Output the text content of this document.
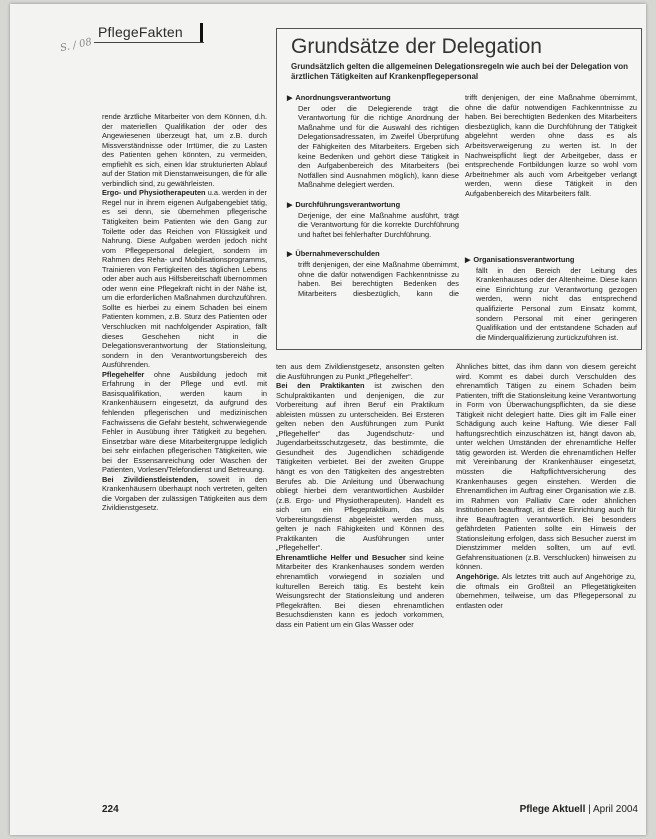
S. / 08
PflegeFakten
Grundsätze der Delegation
Grundsätzlich gelten die allgemeinen Delegationsregeln wie auch bei der Delegation von ärztlichen Tätigkeiten auf Krankenpflegepersonal

▶ Anordnungsverantwortung

Der oder die Delegierende trägt die Verantwortung für die richtige Anordnung der Maßnahme und für die Auswahl des richtigen Delegationsadressaten, im Zweifel Überprüfung der Fähigkeiten des Mitarbeiters. Ergeben sich keine Bedenken und gehört diese Tätigkeit in den Aufgabenbereich des Mitarbeiters (bei Notfällen sind Ausnahmen möglich), kann diese Maßnahme delegiert werden.

▶ Durchführungsverantwortung

Derjenige, der eine Maßnahme ausführt, trägt die Verantwortung für die korrekte Durchführung und haftet bei fehlerhafter Durchführung.

▶ Übernahmeverschulden

trifft denjenigen, der eine Maßnahme übernimmt, ohne die dafür notwendigen Fachkenntnisse zu haben. Bei berechtigten Bedenken des Mitarbeiters diesbezüglich, kann die

trifft denjenigen, der eine Maßnahme übernimmt, ohne die dafür notwendigen Fachkenntnisse zu haben. Bei berechtigten Bedenken des Mitarbeiters diesbezüglich, kann die Durchführung der Tätigkeit abgelehnt werden ohne dass es als Arbeitsverweigerung zu werten ist. In der Nachweispflicht liegt der Arbeitgeber, dass er entsprechende Fortbildungen kurze so wohl vom Arbeitnehmer als auch vom Arbeitgeber verlangt werden, wenn diese Tätigkeit in den Aufgabenbereich des Mitarbeiters fällt.

▶ Organisationsverantwortung

fällt in den Bereich der Leitung des Krankenhauses oder der Altenheime. Diese kann eine Einrichtung zur Verantwortung gezogen werden, wenn nicht das entsprechend qualifizierte Personal zum Einsatz kommt, sondern Personal mit einer geringeren Qualifikation und der entstandene Schaden auf die Minderqualifizierung zurückzuführen ist.

rende ärztliche Mitarbeiter von dem Können, d.h. der materiellen Qualifikation der oder des Angewiesenen überzeugt hat, um z.B. durch Missverständnisse oder Irrtümer, die zu Lasten des Patienten gehen könnten, zu vermeiden, empfiehlt es sich, einen klar strukturierten Ablauf auf der Station mit Dienstanweisungen, die für alle verbindlich sind, zu gewährleisten.

Ergo- und Physiotherapeuten u.a. werden in der Regel nur in ihrem eigenen Aufgabengebiet tätig, es sei denn, sie übernehmen pflegerische Tätigkeiten beim Patienten wie den Gang zur Toilette oder das Reichen von Flüssigkeit und Nahrung. Diese Aufgaben werden jedoch nicht vom Pflegepersonal delegiert, sondern im Rahmen des Reha- und Mobilisationsprogramms, Trainieren von Fertigkeiten des täglichen Lebens oder aber auch aus Hilfsbereitschaft übernommen oder wenn eine Pflegekraft nicht in der Nähe ist, um die erforderlichen Maßnahmen durchzuführen. Sollte es hierbei zu einem Schaden bei einem Patienten kommen, z.B. Sturz des Patienten oder Verschlucken mit nachfolgender Aspiration, fällt dieses Geschehen nicht in die Delegationsverantwortung der Stationsleitung, sondern in den Verantwortungsbereich des Ausführenden.

Pflegehelfer ohne Ausbildung jedoch mit Erfahrung in der Pflege und evtl. mit Basisqualifikation, werden kaum in Krankenhäusern eingesetzt, da aufgrund des fehlenden pflegerischen und medizinischen Fachwissens die Gefahr besteht, schwerwiegende Fehler in Ausübung ihrer Tätigkeit zu begehen. Einsetzbar wäre diese Mitarbeitergruppe lediglich bei sehr einfachen pflegerischen Tätigkeiten, wie bei der Essensanreichung oder Waschen der Patienten, Vorlesen/Telefondienst und Betreuung.

Bei Zivildienstleistenden, soweit in den Krankenhäusern überhaupt noch vertreten, gelten die Vorgaben der zulässigen Tätigkeiten aus dem Zivildienstgesetz.

ten aus dem Zivildienstgesetz, ansonsten gelten die Ausführungen zu Punkt „Pflegehelfer“.

Bei den Praktikanten ist zwischen den Schulpraktikanten und denjenigen, die zur Vorbereitung auf ihren Beruf ein Praktikum ableisten müssen zu unterscheiden. Bei Ersteren gelten neben den Ausführungen zum Punkt „Pflegehelfer“ das Jugendschutz- und Jugendarbeitsschutzgesetz, das bestimmte, die Gesundheit des Jugendlichen schädigende Tätigkeiten verbietet. Bei der zweiten Gruppe hängt es von den Tätigkeiten des angestrebten Berufes ab. Die Anleitung und Überwachung obliegt hierbei dem verantwortlichen Ausbilder (z.B. Ergo- und Physiotherapeuten). Handelt es sich um ein Pflegepraktikum, das als Vorbereitungsdienst abgeleistet werden muss, gelten je nach Fähigkeiten und Können des Praktikanten die Ausführungen unter „Pflegehelfer“.

Ehrenamtliche Helfer und Besucher sind keine Mitarbeiter des Krankenhauses sondern werden ehrenamtlich vorwiegend in sozialen und kulturellen Bereich tätig. Es besteht kein Weisungsrecht der Stationsleitung und anderen Pflegekräften. Bei diesen ehrenamtlichen Besuchsdiensten kann es jedoch vorkommen, dass ein Patient um ein Glas Wasser oder

Ähnliches bittet, das ihm dann von diesem gereicht wird. Kommt es dabei durch Verschulden des ehrenamtlich Tätigen zu einem Schaden beim Patienten, trifft die Stationsleitung keine Verantwortung in Form von Überwachungspflichten, da sie diese Tätigkeit nicht delegiert hatte. Dies gilt im Falle einer Schädigung auch keine Haftung. Wie dieser Fall haftungsrechtlich einzuschätzen ist, hängt davon ab, unter welchen Umständen der ehrenamtliche Helfer tätig geworden ist. Werden die ehrenamtlichen Helfer mit Vereinbarung der Krankenhäuser eingesetzt, müssten die Haftpflichtversicherung des Krankenhauses gegen einstehen. Werden die Ehrenamtlichen im Auftrag einer Organisation wie z.B. im Rahmen von Palliativ Care oder ähnlichen Institutionen beauftragt, ist diese Einrichtung auch für ihre Beauftragten verantwortlich. Bei besonders gefährdeten Patienten sollte ein Hinweis der Stationsleitung erfolgen, dass sich Besucher zuerst im Dienstzimmer melden sollten, um auf evtl. Gefahrensituationen (z.B. Verschlucken) hinweisen zu können.

Angehörige. Als letztes tritt auch auf Angehörige zu, die oftmals ein Großteil an Pflegetätigkeiten übernehmen, teilweise, um das Pflegepersonal zu entlasten oder

224	Pflege Aktuell | April 2004
